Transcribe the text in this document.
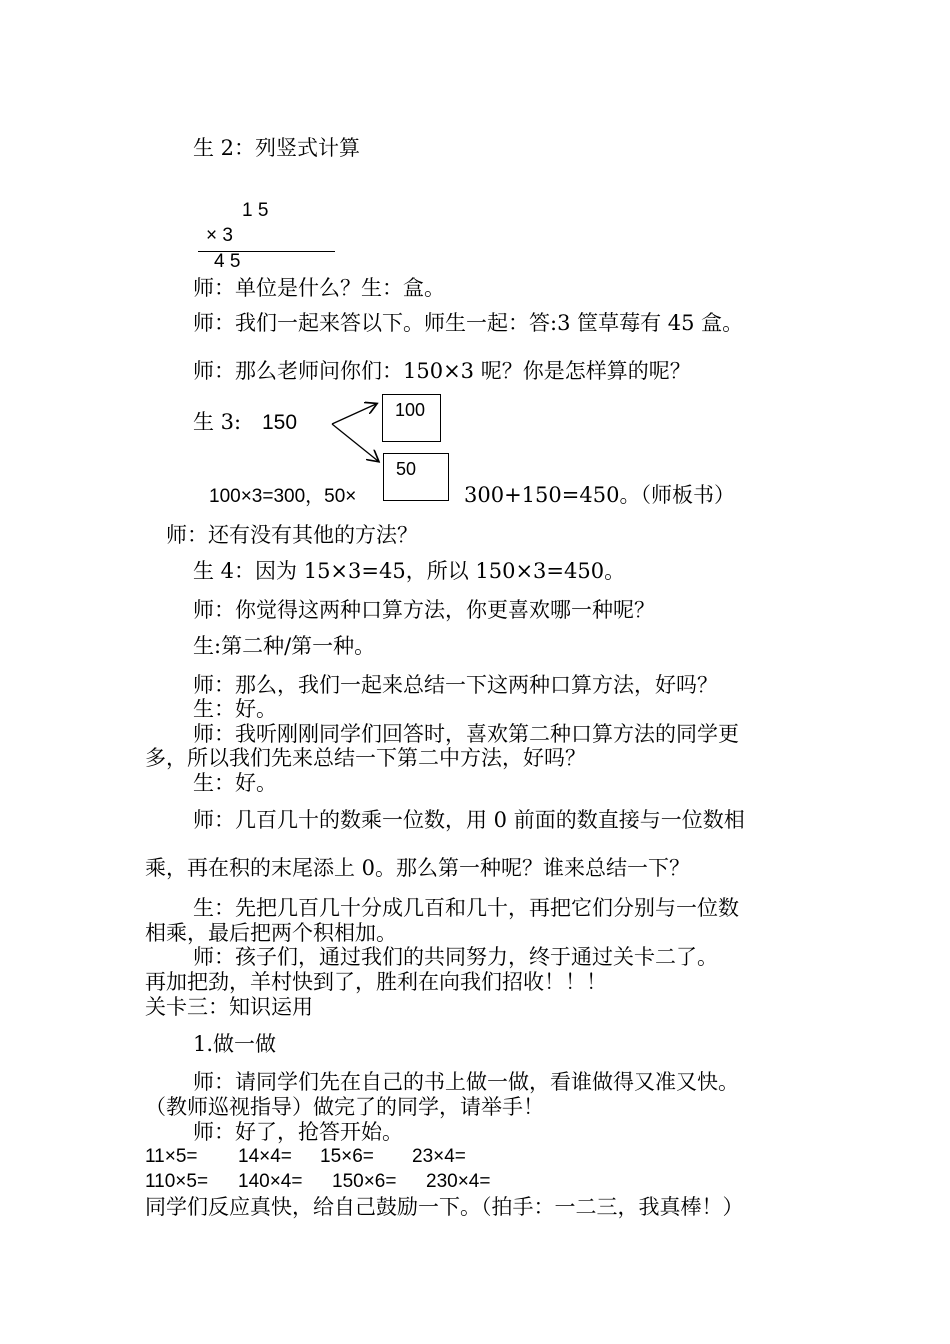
生 2：列竖式计算
1 5
× 3
4 5
师：单位是什么？生：盒。
师：我们一起来答以下。师生一起：答:3 筐草莓有 45 盒。
师：那么老师问你们：150×3 呢？你是怎样算的呢？
生 3: 150
100
100×3=300，50×
50
300+150=450。（师板书）
师：还有没有其他的方法？
生 4：因为 15×3=45，所以 150×3=450。
师：你觉得这两种口算方法，你更喜欢哪一种呢？
生:第二种/第一种。
师：那么，我们一起来总结一下这两种口算方法，好吗？
生：好。
师：我听刚刚同学们回答时，喜欢第二种口算方法的同学更
多，所以我们先来总结一下第二中方法，好吗？
生：好。
师：几百几十的数乘一位数，用 0 前面的数直接与一位数相
乘，再在积的末尾添上 0。那么第一种呢？谁来总结一下？
生：先把几百几十分成几百和几十，再把它们分别与一位数
相乘，最后把两个积相加。
师：孩子们，通过我们的共同努力，终于通过关卡二了。
再加把劲，羊村快到了，胜利在向我们招收！！！
关卡三：知识运用
1.做一做
师：请同学们先在自己的书上做一做，看谁做得又准又快。
（教师巡视指导）做完了的同学，请举手！
师：好了，抢答开始。
11×5= 14×4= 15×6= 23×4=
110×5= 140×4= 150×6= 230×4=
同学们反应真快，给自己鼓励一下。（拍手：一二三，我真棒！）
